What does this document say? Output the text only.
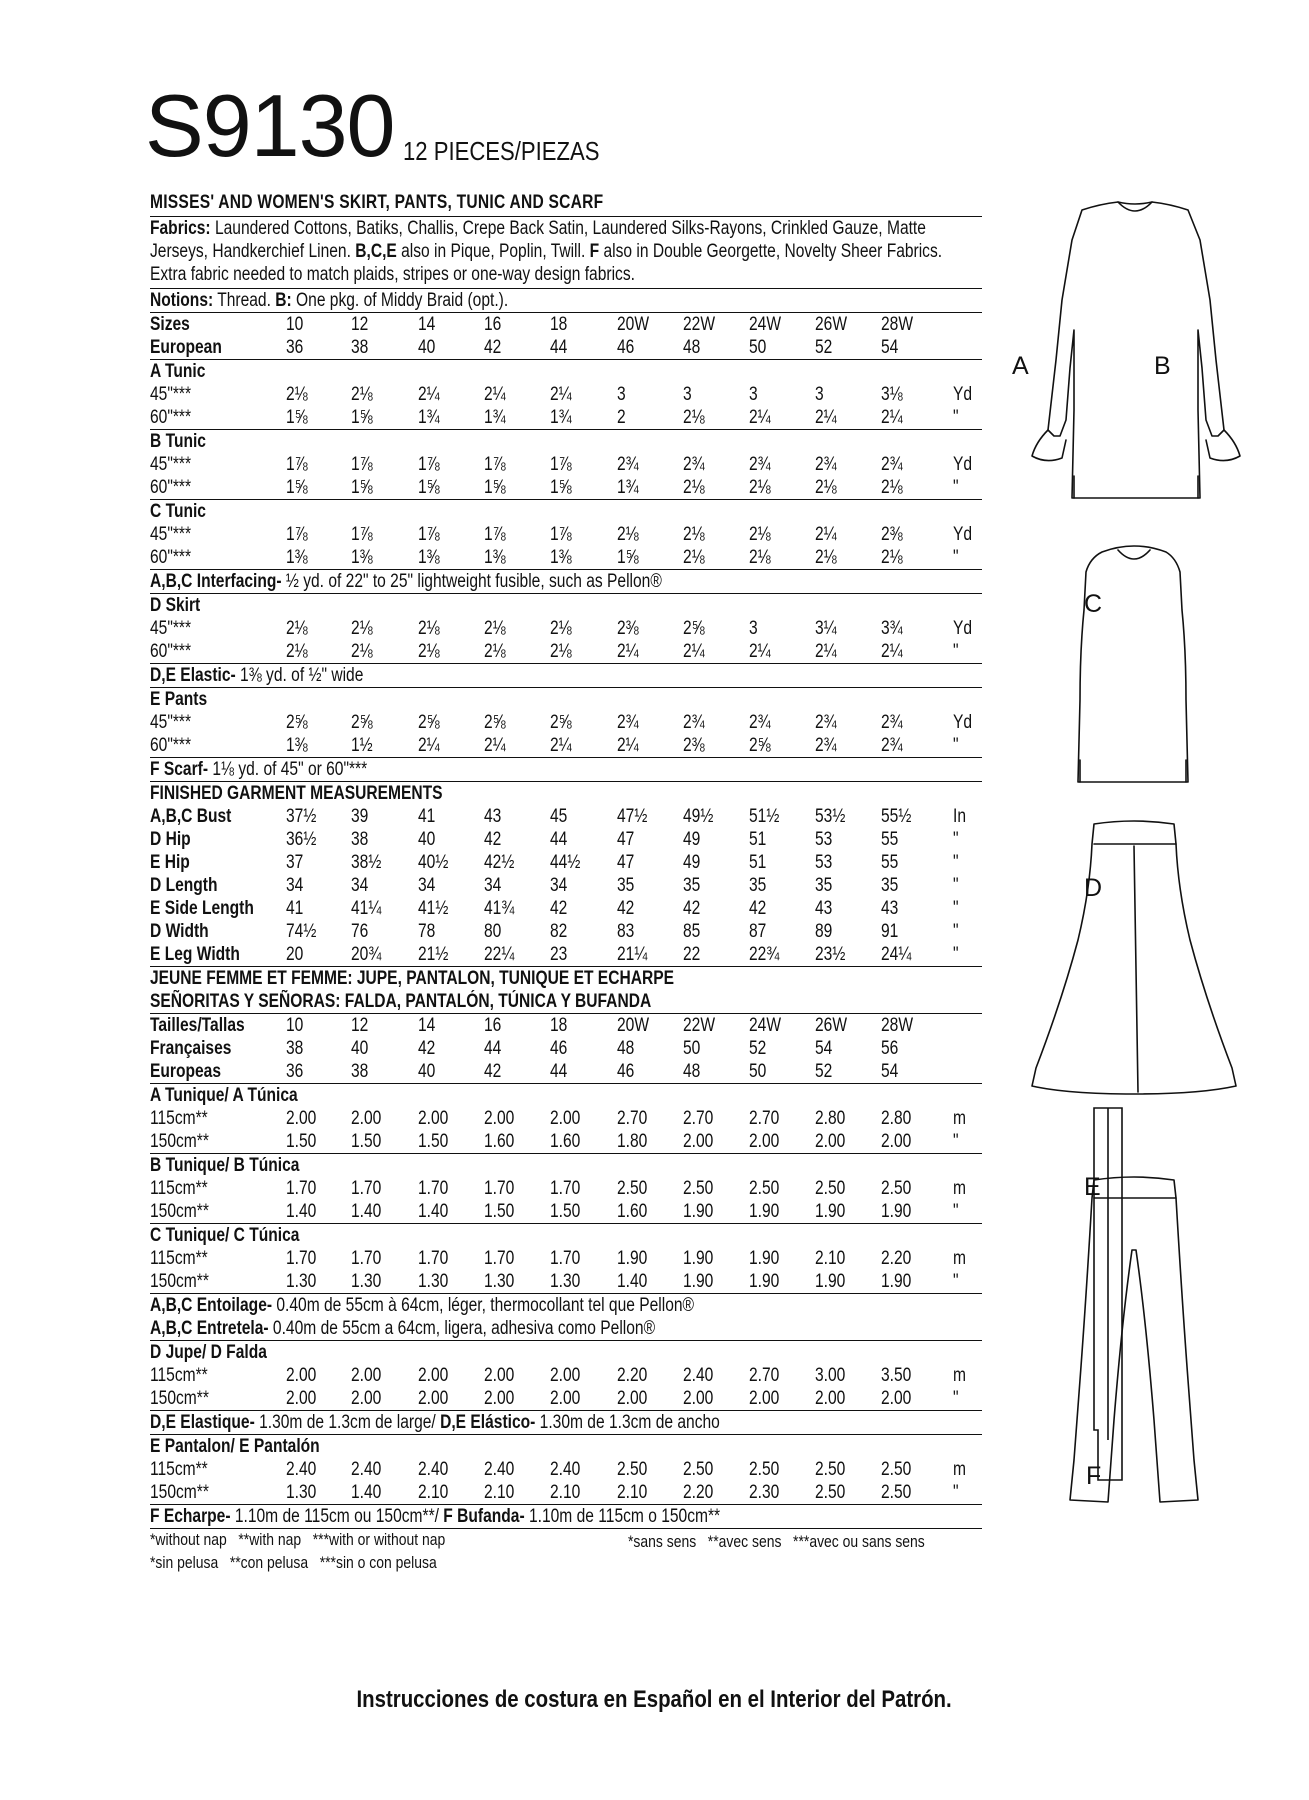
S9130 12 PIECES/PIEZAS
MISSES' AND WOMEN'S SKIRT, PANTS, TUNIC AND SCARF
Fabrics: Laundered Cottons, Batiks, Challis, Crepe Back Satin, Laundered Silks-Rayons, Crinkled Gauze, Matte Jerseys, Handkerchief Linen. B,C,E also in Pique, Poplin, Twill. F also in Double Georgette, Novelty Sheer Fabrics. Extra fabric needed to match plaids, stripes or one-way design fabrics.
Notions: Thread. B: One pkg. of Middy Braid (opt.).
Sizes	10	12	14	16	18	20W 22W 24W 26W 28W
European	36	38	40	42	44	46	48	50	52	54
A Tunic
45"***	2⅛ 2⅛ 2¼ 2¼ 2¼ 3	3	3	3	3⅛	Yd
60"***	1⅝ 1⅝ 1¾ 1¾ 1¾ 2	2⅛ 2¼ 2¼ 2¼	"
B Tunic
45"***	1⅞ 1⅞ 1⅞ 1⅞ 1⅞ 2¾ 2¾ 2¾ 2¾ 2¾	Yd
60"***	1⅝ 1⅝ 1⅝ 1⅝ 1⅝ 1¾ 2⅛ 2⅛ 2⅛ 2⅛	"
C Tunic
45"***	1⅞ 1⅞ 1⅞ 1⅞ 1⅞ 2⅛ 2⅛ 2⅛ 2¼ 2⅜	Yd
60"***	1⅜ 1⅜ 1⅜ 1⅜ 1⅜ 1⅝ 2⅛ 2⅛ 2⅛ 2⅛	"
A,B,C Interfacing- ½ yd. of 22" to 25" lightweight fusible, such as Pellon®
D Skirt
45"***	2⅛ 2⅛ 2⅛ 2⅛ 2⅛ 2⅜ 2⅝ 3	3¼ 3¾	Yd
60"***	2⅛ 2⅛ 2⅛ 2⅛ 2⅛ 2¼ 2¼ 2¼ 2¼ 2¼	"
D,E Elastic- 1⅜ yd. of ½" wide
E Pants
45"***	2⅝ 2⅝ 2⅝ 2⅝ 2⅝ 2¾ 2¾ 2¾ 2¾ 2¾	Yd
60"***	1⅜ 1½ 2¼ 2¼ 2¼ 2¼ 2⅜ 2⅝ 2¾ 2¾	"
F Scarf- 1⅛ yd. of 45" or 60"***
FINISHED GARMENT MEASUREMENTS
A,B,C Bust	37½ 39	41	43	45	47½ 49½ 51½ 53½ 55½ In
D Hip	36½ 38	40	42	44	47	49	51	53	55	"
E Hip	37	38½ 40½ 42½ 44½ 47	49	51	53	55	"
D Length	34	34	34	34	34	35	35	35	35	35	"
E Side Length 41	41¼ 41½ 41¾ 42	42	42	42	43	43	"
D Width	74½ 76	78	80	82	83	85	87	89	91	"
E Leg Width 20	20¾ 21½ 22¼ 23	21¼ 22	22¾ 23½ 24¼ "
JEUNE FEMME ET FEMME: JUPE, PANTALON, TUNIQUE ET ECHARPE
SEÑORITAS Y SEÑORAS: FALDA, PANTALÓN, TÚNICA Y BUFANDA
Tailles/Tallas 10	12	14	16	18	20W 22W 24W 26W 28W
Françaises	38	40	42	44	46	48	50	52	54	56
Europeas	36	38	40	42	44	46	48	50	52	54
A Tunique/ A Túnica
115cm**	2.00 2.00 2.00 2.00 2.00 2.70 2.70 2.70 2.80 2.80 m
150cm**	1.50 1.50 1.50 1.60 1.60 1.80 2.00 2.00 2.00 2.00 "
B Tunique/ B Túnica
115cm**	1.70 1.70 1.70 1.70 1.70 2.50 2.50 2.50 2.50 2.50 m
150cm**	1.40 1.40 1.40 1.50 1.50 1.60 1.90 1.90 1.90 1.90 "
C Tunique/ C Túnica
115cm**	1.70 1.70 1.70 1.70 1.70 1.90 1.90 1.90 2.10 2.20 m
150cm**	1.30 1.30 1.30 1.30 1.30 1.40 1.90 1.90 1.90 1.90 "
A,B,C Entoilage- 0.40m de 55cm à 64cm, léger, thermocollant tel que Pellon®
A,B,C Entretela- 0.40m de 55cm a 64cm, ligera, adhesiva como Pellon®
D Jupe/ D Falda
115cm**	2.00 2.00 2.00 2.00 2.00 2.20 2.40 2.70 3.00 3.50 m
150cm**	2.00 2.00 2.00 2.00 2.00 2.00 2.00 2.00 2.00 2.00 "
D,E Elastique- 1.30m de 1.3cm de large/ D,E Elástico- 1.30m de 1.3cm de ancho
E Pantalon/ E Pantalón
115cm**	2.40 2.40 2.40 2.40 2.40 2.50 2.50 2.50 2.50 2.50 m
150cm**	1.30 1.40 2.10 2.10 2.10 2.10 2.20 2.30 2.50 2.50 "
F Echarpe- 1.10m de 115cm ou 150cm**/ F Bufanda- 1.10m de 115cm o 150cm**
*without nap   **with nap   ***with or without nap	*sans sens   **avec sens   ***avec ou sans sens
*sin pelusa   **con pelusa   ***sin o con pelusa
Instrucciones de costura en Español en el Interior del Patrón.
A	B
C
D
E
F
